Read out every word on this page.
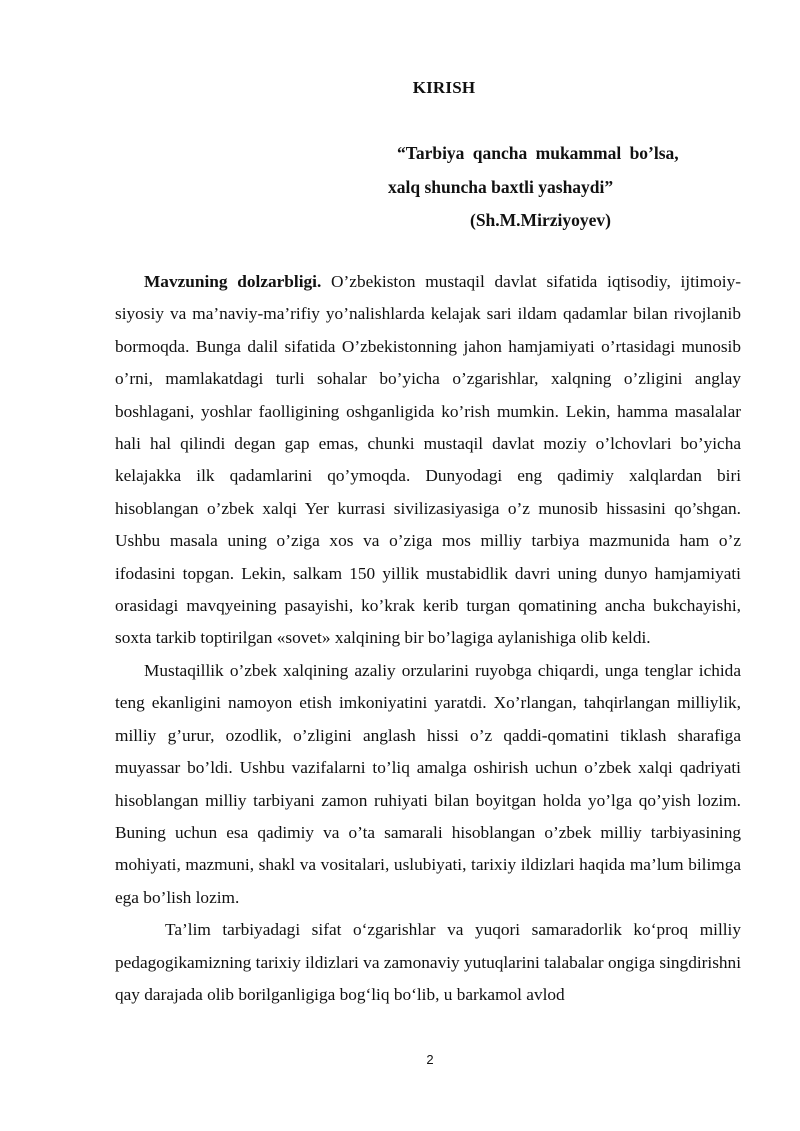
KIRISH
“Tarbiya qancha mukammal bo’lsa,
xalq shuncha baxtli yashaydi”
(Sh.M.Mirziyoyev)

Mavzuning dolzarbligi. O’zbekiston mustaqil davlat sifatida iqtisodiy, ijtimoiy-siyosiy va ma’naviy-ma’rifiy yo’nalishlarda kelajak sari ildam qadamlar bilan rivojlanib bormoqda. Bunga dalil sifatida O’zbekistonning jahon hamjamiyati o’rtasidagi munosib o’rni, mamlakatdagi turli sohalar bo’yicha o’zgarishlar, xalqning o’zligini anglay boshlagani, yoshlar faolligining oshganligida ko’rish mumkin. Lekin, hamma masalalar hali hal qilindi degan gap emas, chunki mustaqil davlat moziy o’lchovlari bo’yicha kelajakka ilk qadamlarini qo’ymoqda. Dunyodagi eng qadimiy xalqlardan biri hisoblangan o’zbek xalqi Yer kurrasi sivilizasiyasiga o’z munosib hissasini qo’shgan. Ushbu masala uning o’ziga xos va o’ziga mos milliy tarbiya mazmunida ham o’z ifodasini topgan. Lekin, salkam 150 yillik mustabidlik davri uning dunyo hamjamiyati orasidagi mavqyeining pasayishi, ko’krak kerib turgan qomatining ancha bukchayishi, soxta tarkib toptirilgan «sovet» xalqining bir bo’lagiga aylanishiga olib keldi.

Mustaqillik o’zbek xalqining azaliy orzularini ruyobga chiqardi, unga tenglar ichida teng ekanligini namoyon etish imkoniyatini yaratdi. Xo’rlangan, tahqirlangan milliylik, milliy g’urur, ozodlik, o’zligini anglash hissi o’z qaddi-qomatini tiklash sharafiga muyassar bo’ldi. Ushbu vazifalarni to’liq amalga oshirish uchun o’zbek xalqi qadriyati hisoblangan milliy tarbiyani zamon ruhiyati bilan boyitgan holda yo’lga qo’yish lozim. Buning uchun esa qadimiy va o’ta samarali hisoblangan o’zbek milliy tarbiyasining mohiyati, mazmuni, shakl va vositalari, uslubiyati, tarixiy ildizlari haqida ma’lum bilimga ega bo’lish lozim.

Ta’lim tarbiyadagi sifat o‘zgarishlar va yuqori samaradorlik ko‘proq milliy pedagogikamizning tarixiy ildizlari va zamonaviy yutuqlarini talabalar ongiga singdirishni qay darajada olib borilganligiga bog‘liq bo‘lib, u barkamol avlod

2
